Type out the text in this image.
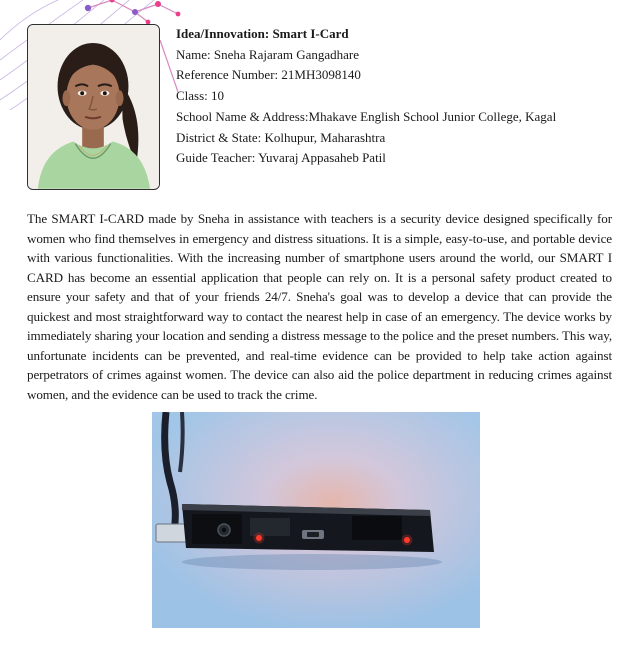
Idea/Innovation: Smart I-Card
Name: Sneha Rajaram Gangadhare
Reference Number: 21MH3098140
Class: 10
School Name & Address:Mhakave English School Junior College, Kagal
District & State: Kolhupur, Maharashtra
Guide Teacher: Yuvaraj Appasaheb Patil

The SMART I-CARD made by Sneha in assistance with teachers is a security device designed specifically for women who find themselves in emergency and distress situations. It is a simple, easy-to-use, and portable device with various functionalities. With the increasing number of smartphone users around the world, our SMART I CARD has become an essential application that people can rely on. It is a personal safety product created to ensure your safety and that of your friends 24/7. Sneha's goal was to develop a device that can provide the quickest and most straightforward way to contact the nearest help in case of an emergency. The device works by immediately sharing your location and sending a distress message to the police and the preset numbers. This way, unfortunate incidents can be prevented, and real-time evidence can be provided to help take action against perpetrators of crimes against women. The device can also aid the police department in reducing crimes against women, and the evidence can be used to track the crime.
